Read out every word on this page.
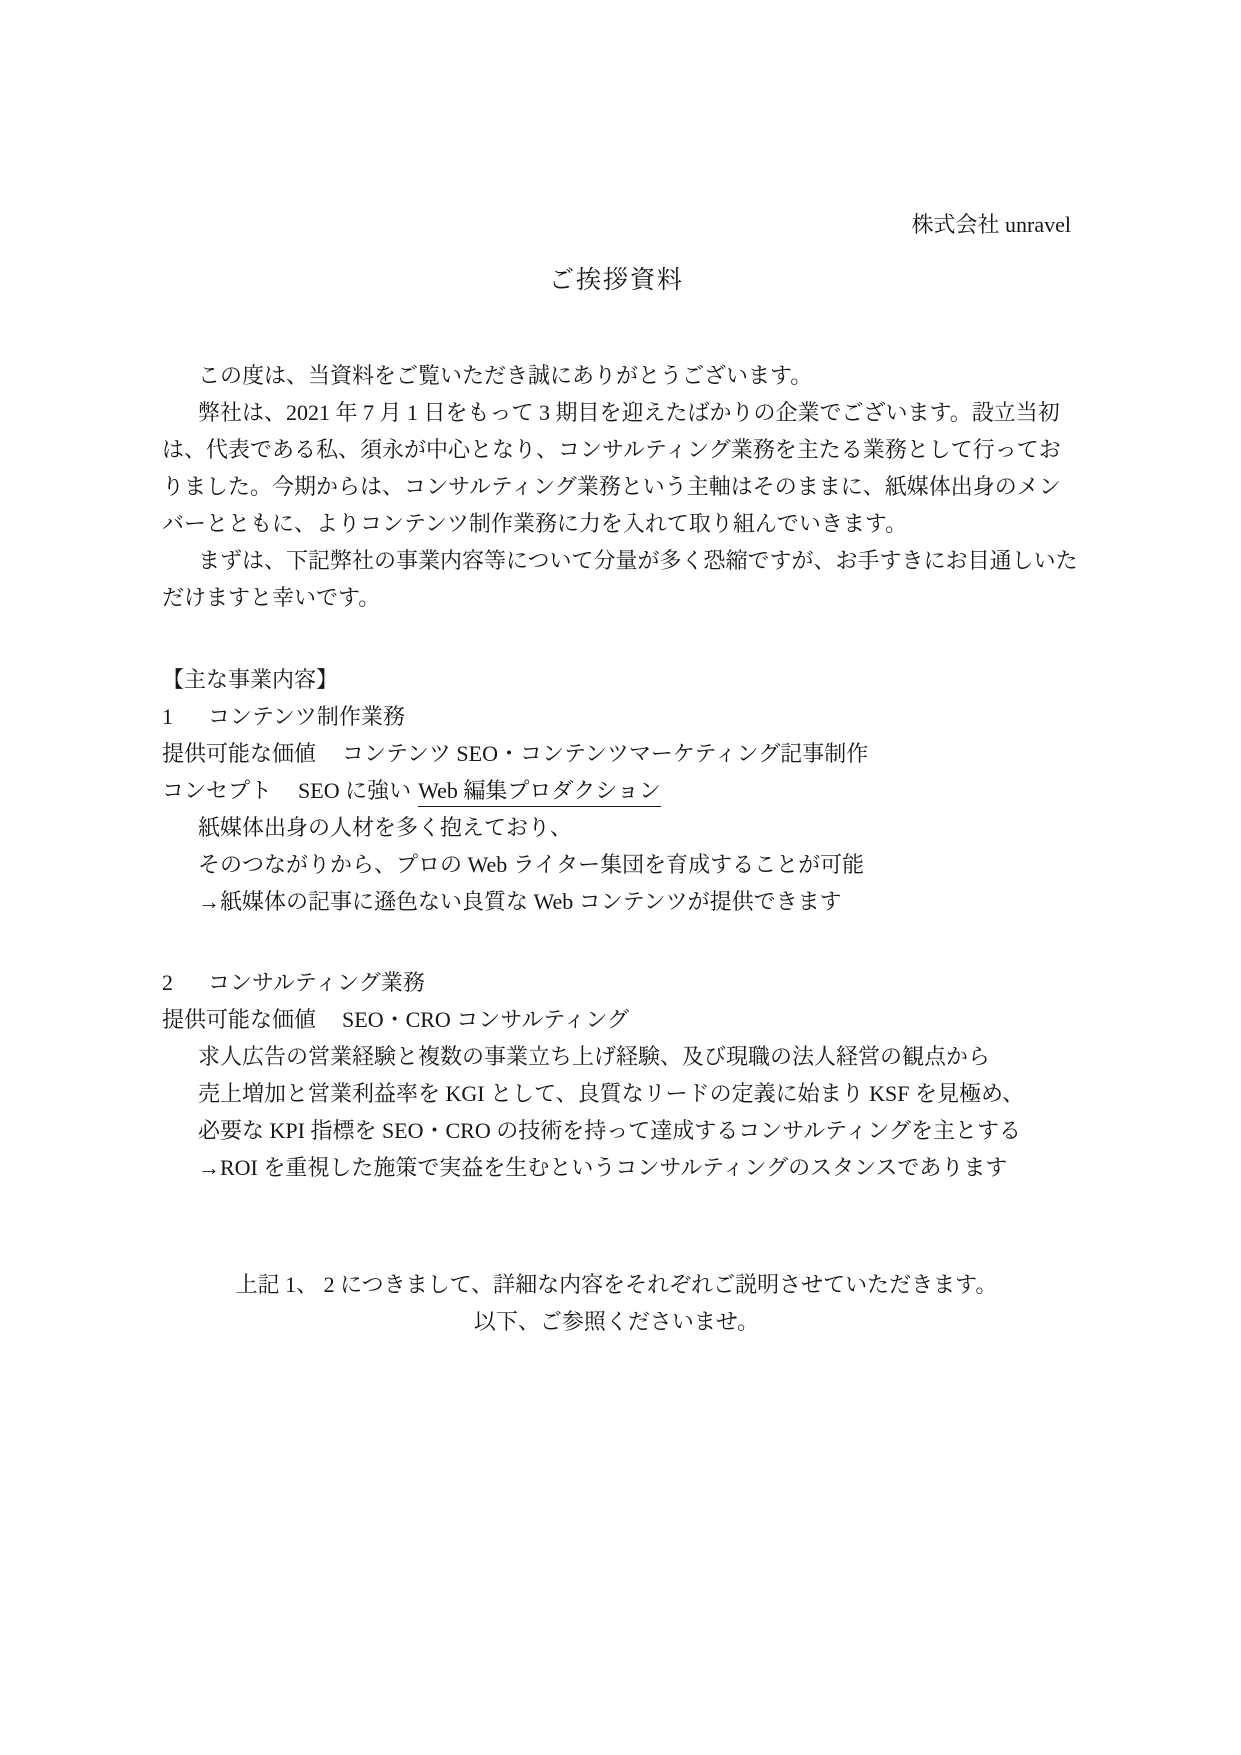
株式会社 unravel
ご挨拶資料
この度は、当資料をご覧いただき誠にありがとうございます。
弊社は、2021 年 7 月 1 日をもって 3 期目を迎えたばかりの企業でございます。設立当初
は、代表である私、須永が中心となり、コンサルティング業務を主たる業務として行ってお
りました。今期からは、コンサルティング業務という主軸はそのままに、紙媒体出身のメン
バーとともに、よりコンテンツ制作業務に力を入れて取り組んでいきます。
まずは、下記弊社の事業内容等について分量が多く恐縮ですが、お手すきにお目通しいた
だけますと幸いです。
【主な事業内容】
1 コンテンツ制作業務
提供可能な価値 コンテンツ SEO・コンテンツマーケティング記事制作
コンセプト SEO に強い Web 編集プロダクション
紙媒体出身の人材を多く抱えており、
そのつながりから、プロの Web ライター集団を育成することが可能
→紙媒体の記事に遜色ない良質な Web コンテンツが提供できます
2 コンサルティング業務
提供可能な価値 SEO・CRO コンサルティング
求人広告の営業経験と複数の事業立ち上げ経験、及び現職の法人経営の観点から
売上増加と営業利益率を KGI として、良質なリードの定義に始まり KSF を見極め、
必要な KPI 指標を SEO・CRO の技術を持って達成するコンサルティングを主とする
→ROI を重視した施策で実益を生むというコンサルティングのスタンスであります
上記 1、 2 につきまして、詳細な内容をそれぞれご説明させていただきます。
以下、ご参照くださいませ。
